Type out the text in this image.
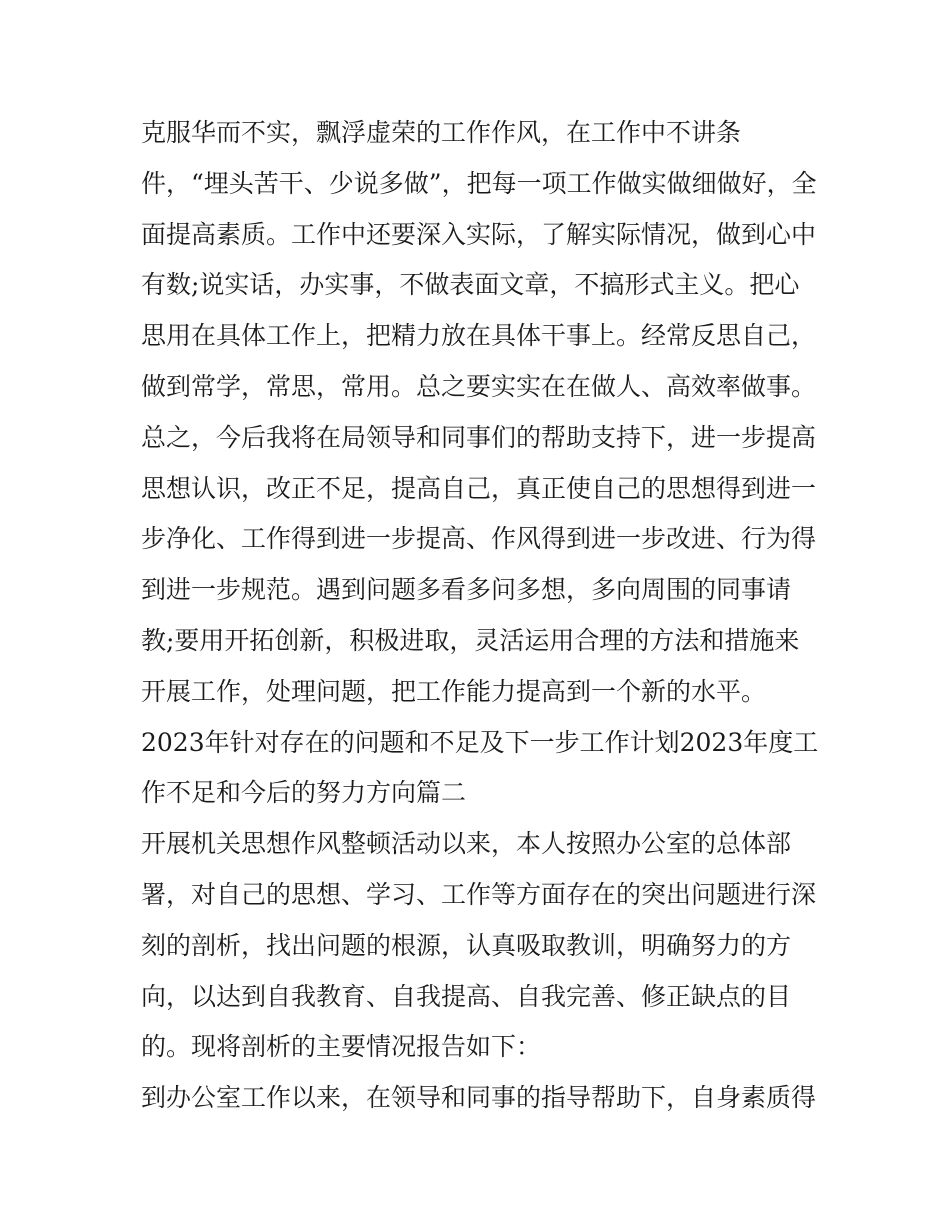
克服华而不实，飘浮虚荣的工作作风，在工作中不讲条
件，“埋头苦干、少说多做”，把每一项工作做实做细做好，全
面提高素质。工作中还要深入实际，了解实际情况，做到心中
有数;说实话，办实事，不做表面文章，不搞形式主义。把心
思用在具体工作上，把精力放在具体干事上。经常反思自己，
做到常学，常思，常用。总之要实实在在做人、高效率做事。
总之，今后我将在局领导和同事们的帮助支持下，进一步提高
思想认识，改正不足，提高自己，真正使自己的思想得到进一
步净化、工作得到进一步提高、作风得到进一步改进、行为得
到进一步规范。遇到问题多看多问多想，多向周围的同事请
教;要用开拓创新，积极进取，灵活运用合理的方法和措施来
开展工作，处理问题，把工作能力提高到一个新的水平。
2023年针对存在的问题和不足及下一步工作计划2023年度工
作不足和今后的努力方向篇二
开展机关思想作风整顿活动以来，本人按照办公室的总体部
署，对自己的思想、学习、工作等方面存在的突出问题进行深
刻的剖析，找出问题的根源，认真吸取教训，明确努力的方
向，以达到自我教育、自我提高、自我完善、修正缺点的目
的。现将剖析的主要情况报告如下：
到办公室工作以来，在领导和同事的指导帮助下，自身素质得
